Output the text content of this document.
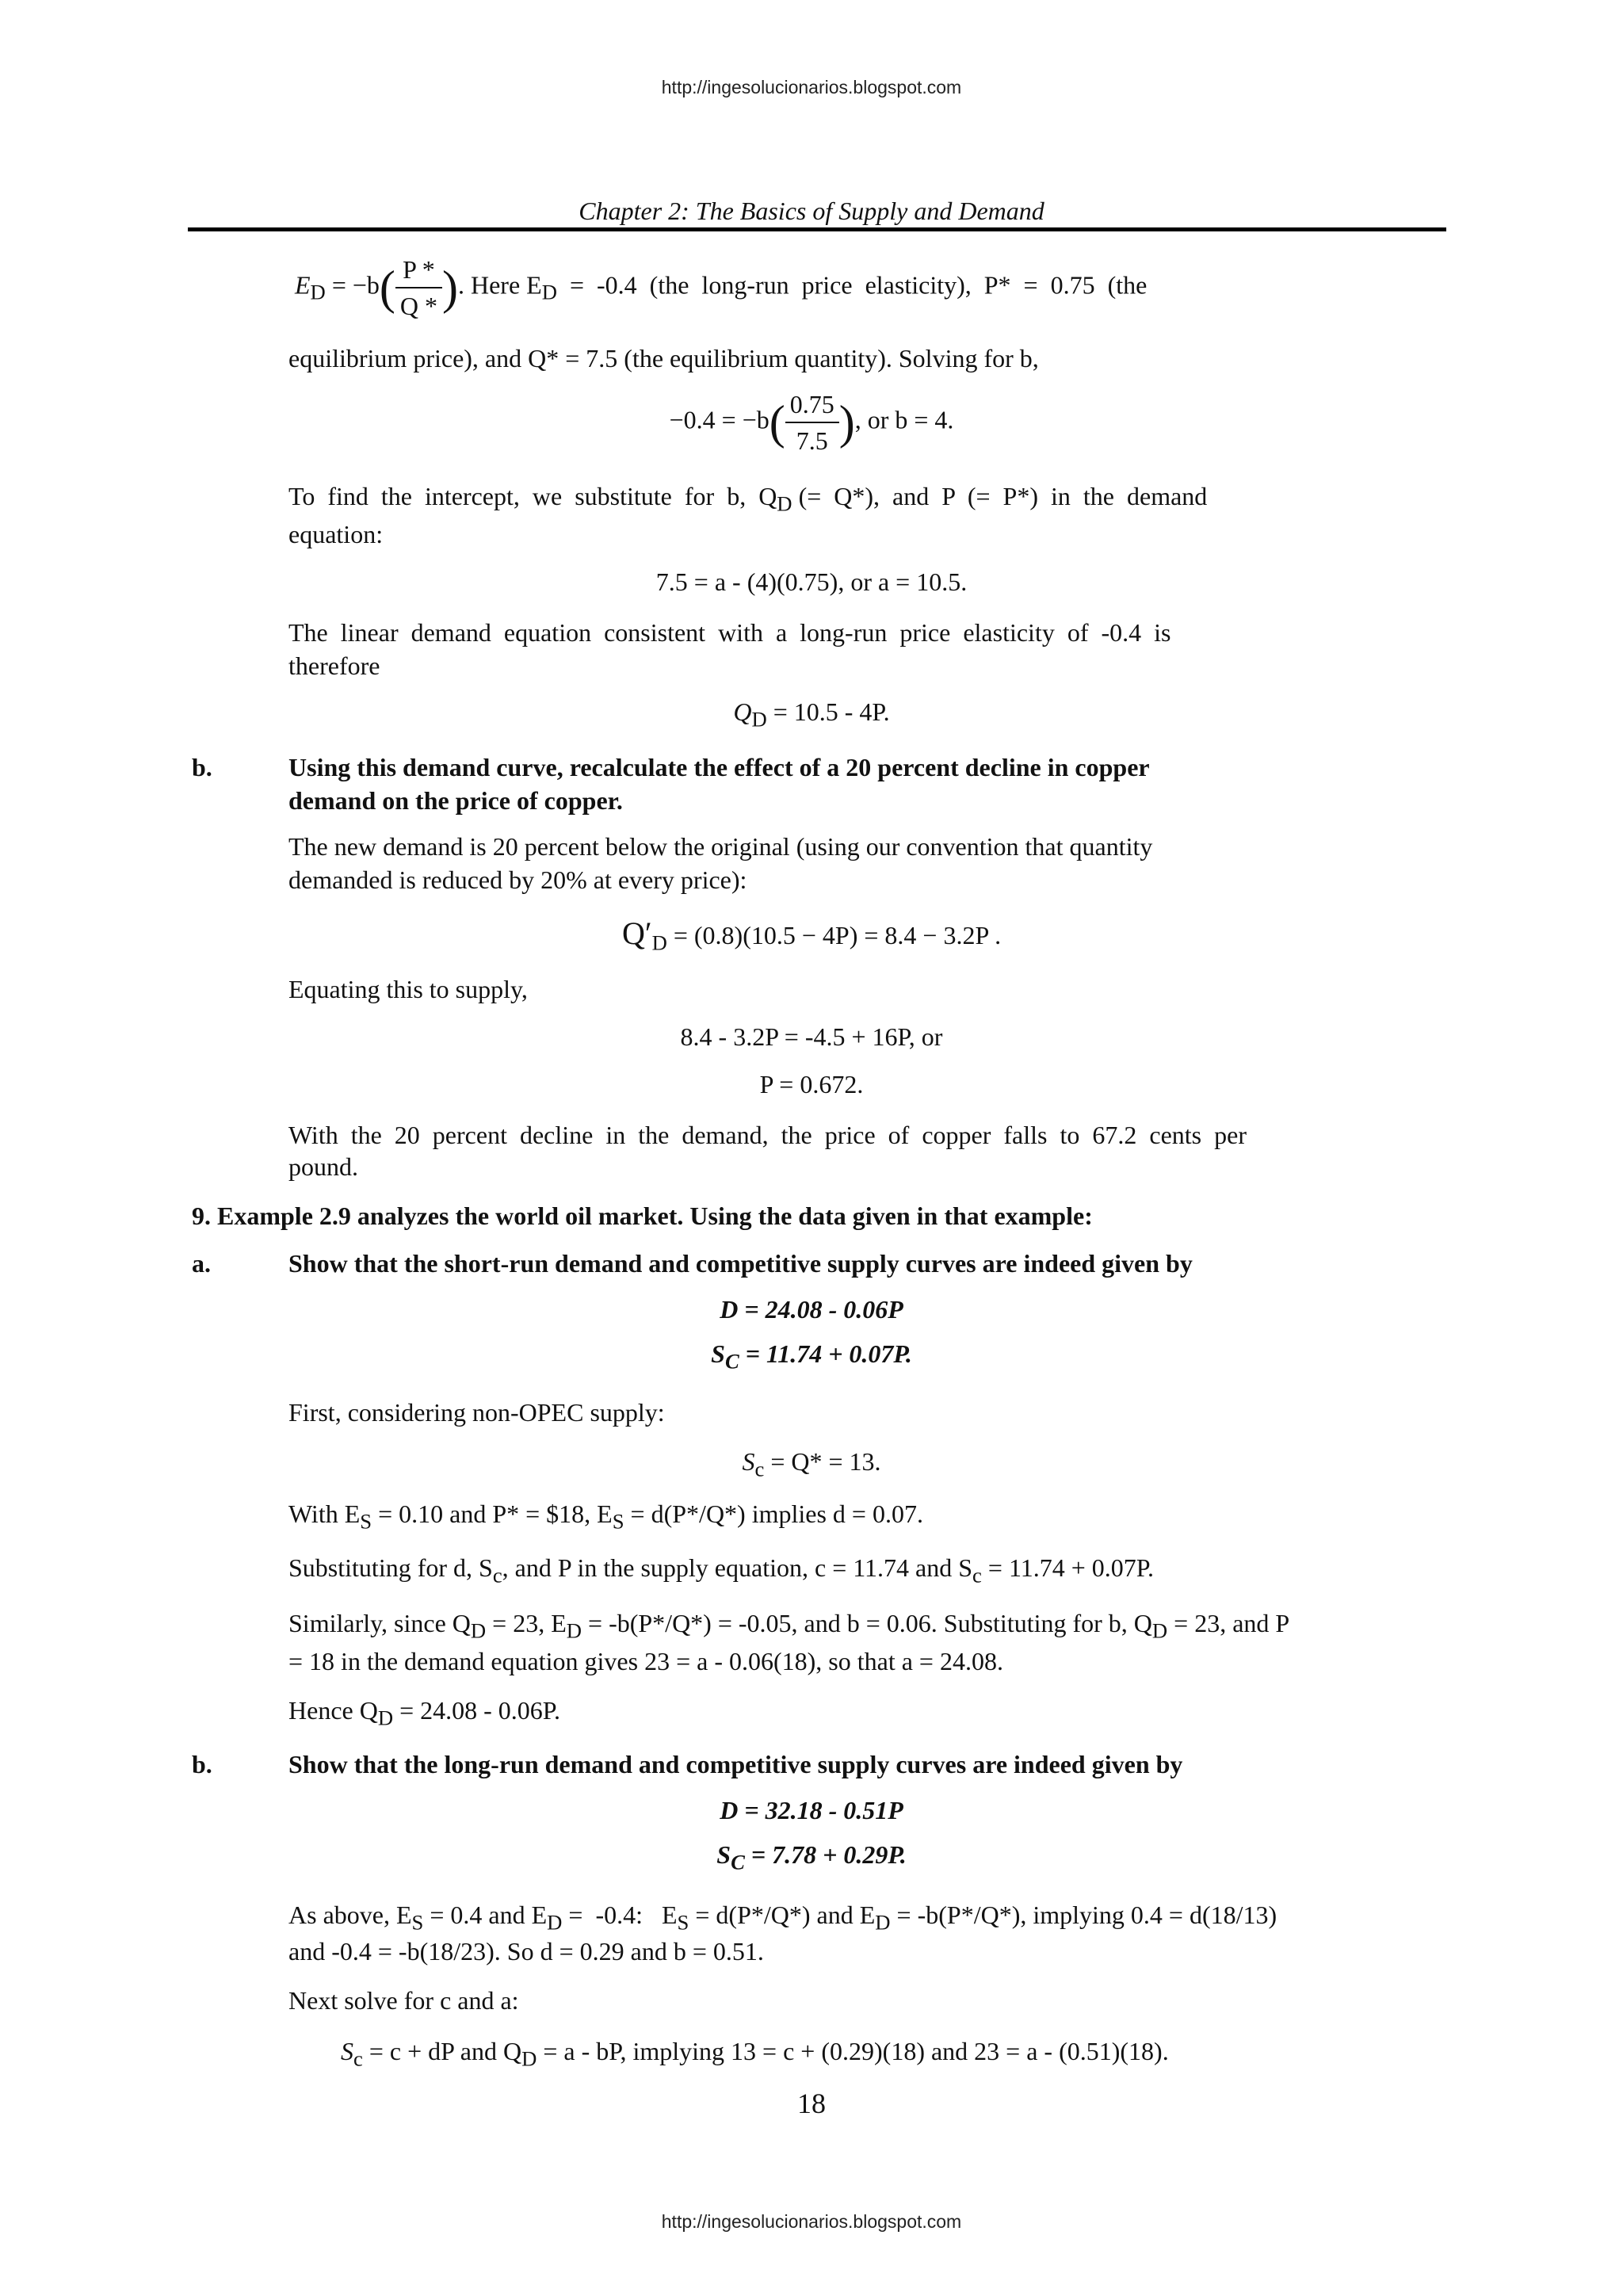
http://ingesolucionarios.blogspot.com
Chapter 2: The Basics of Supply and Demand
$E_D = -b( \frac{P *}{Q *}$ ). Here $E_D = -0.4$  (the  long-run  price  elasticity),  P*  =  0.75  (the
equilibrium price), and Q* = 7.5 (the equilibrium quantity). Solving for b,
$-0.4 = -b( \frac{0.75}{7.5}$ ), or b = 4.
To  find  the  intercept,  we  substitute  for  b,  $Q_D$ (=  Q*),  and  P  (=  P*)  in  the  demand
equation:
7.5 = a - (4)(0.75), or a = 10.5.
The  linear  demand  equation  consistent  with  a  long-run  price  elasticity  of  -0.4  is
therefore
$Q_D = 10.5 - 4P$.
b.	Using this demand curve, recalculate the effect of a 20 percent decline in copper
demand on the price of copper.
The new demand is 20 percent below the original (using our convention that quantity
demanded is reduced by 20% at every price):
$Q'_D = (0.8)(10.5 - 4P) = 8.4 - 3.2P$ .
Equating this to supply,
8.4 - 3.2P = -4.5 + 16P, or
P = 0.672.
With  the  20  percent  decline  in  the  demand,  the  price  of  copper  falls  to  67.2  cents  per
pound.
9. Example 2.9 analyzes the world oil market. Using the data given in that example:
a.	Show that the short-run demand and competitive supply curves are indeed given by
D = 24.08 - 0.06P
$S_C = 11.74 + 0.07P$.
First, considering non-OPEC supply:
$S_c = Q* = 13$.
With $E_S = 0.10$ and P* = $18, $E_S = d(P*/Q*)$ implies d = 0.07.
Substituting for d, $S_c$, and P in the supply equation, c = 11.74 and $S_c = 11.74 + 0.07P$.
Similarly, since $Q_D = 23$, $E_D = -b(P*/Q*) = -0.05$, and b = 0.06. Substituting for b, $Q_D = 23$, and P
= 18 in the demand equation gives 23 = a - 0.06(18), so that a = 24.08.
Hence $Q_D = 24.08 - 0.06P$.
b.	Show that the long-run demand and competitive supply curves are indeed given by
D = 32.18 - 0.51P
$S_C = 7.78 + 0.29P$.
As above, $E_S = 0.4$ and $E_D = -0.4$:   $E_S = d(P*/Q*)$ and $E_D = -b(P*/Q*)$, implying 0.4 = d(18/13)
and -0.4 = -b(18/23). So d = 0.29 and b = 0.51.
Next solve for c and a:
$S_c = c$ + dP and $Q_D = a$ - bP, implying 13 = c + (0.29)(18) and 23 = a - (0.51)(18).
18
http://ingesolucionarios.blogspot.com
